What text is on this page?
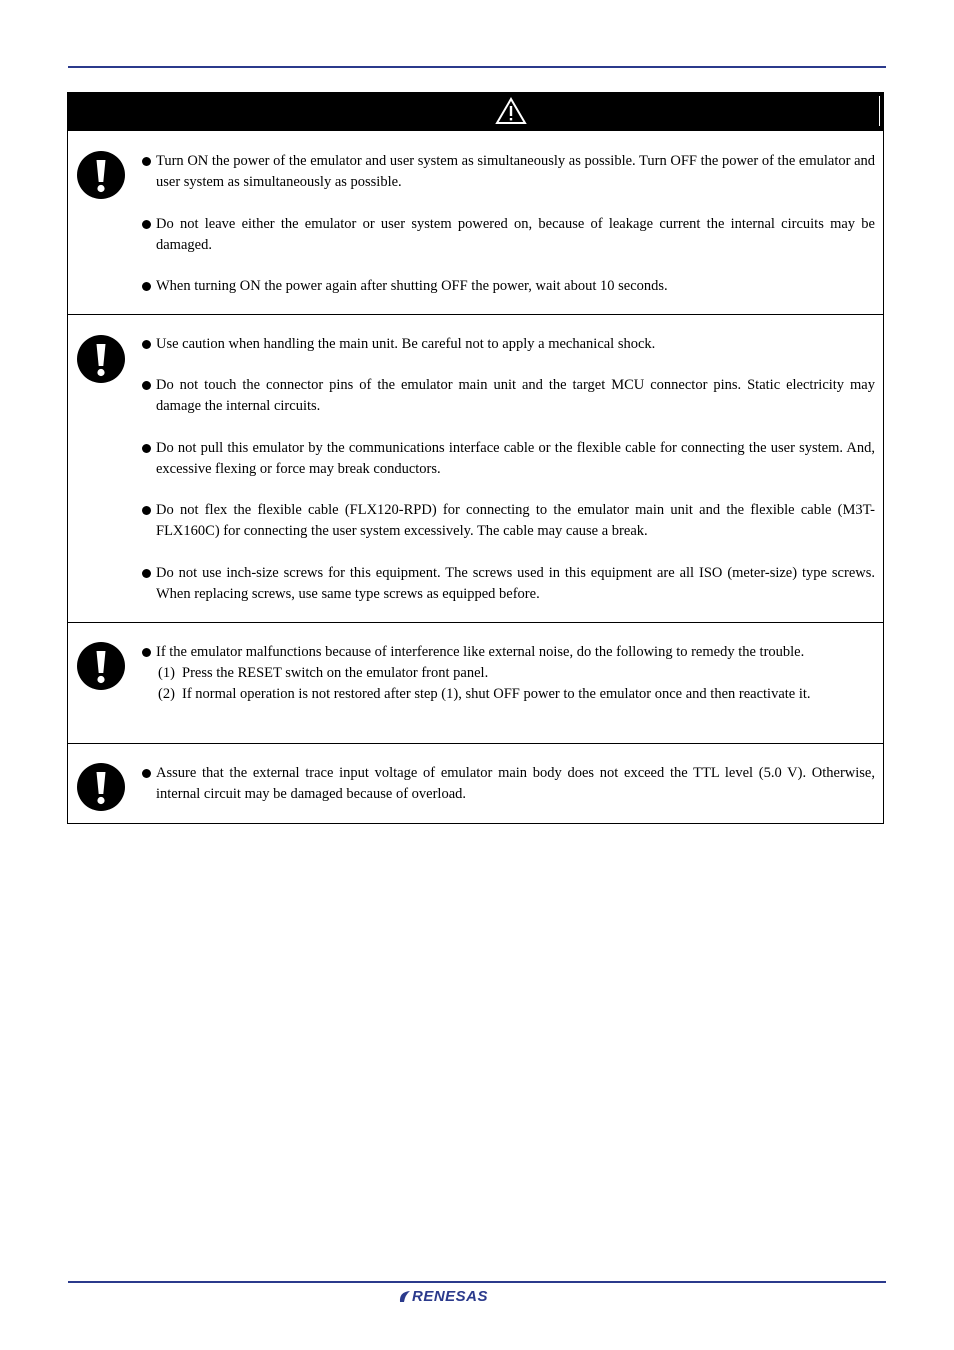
Turn ON the power of the emulator and user system as simultaneously as possible. Turn OFF the power of the emulator and user system as simultaneously as possible.
Do not leave either the emulator or user system powered on, because of leakage current the internal circuits may be damaged.
When turning ON the power again after shutting OFF the power, wait about 10 seconds.
Use caution when handling the main unit. Be careful not to apply a mechanical shock.
Do not touch the connector pins of the emulator main unit and the target MCU connector pins. Static electricity may damage the internal circuits.
Do not pull this emulator by the communications interface cable or the flexible cable for connecting the user system. And, excessive flexing or force may break conductors.
Do not flex the flexible cable (FLX120-RPD) for connecting to the emulator main unit and the flexible cable (M3T-FLX160C) for connecting the user system excessively. The cable may cause a break.
Do not use inch-size screws for this equipment. The screws used in this equipment are all ISO (meter-size) type screws. When replacing screws, use same type screws as equipped before.
If the emulator malfunctions because of interference like external noise, do the following to remedy the trouble.
(1) Press the RESET switch on the emulator front panel.
(2) If normal operation is not restored after step (1), shut OFF power to the emulator once and then reactivate it.
Assure that the external trace input voltage of emulator main body does not exceed the TTL level (5.0 V). Otherwise, internal circuit may be damaged because of overload.
RENESAS
